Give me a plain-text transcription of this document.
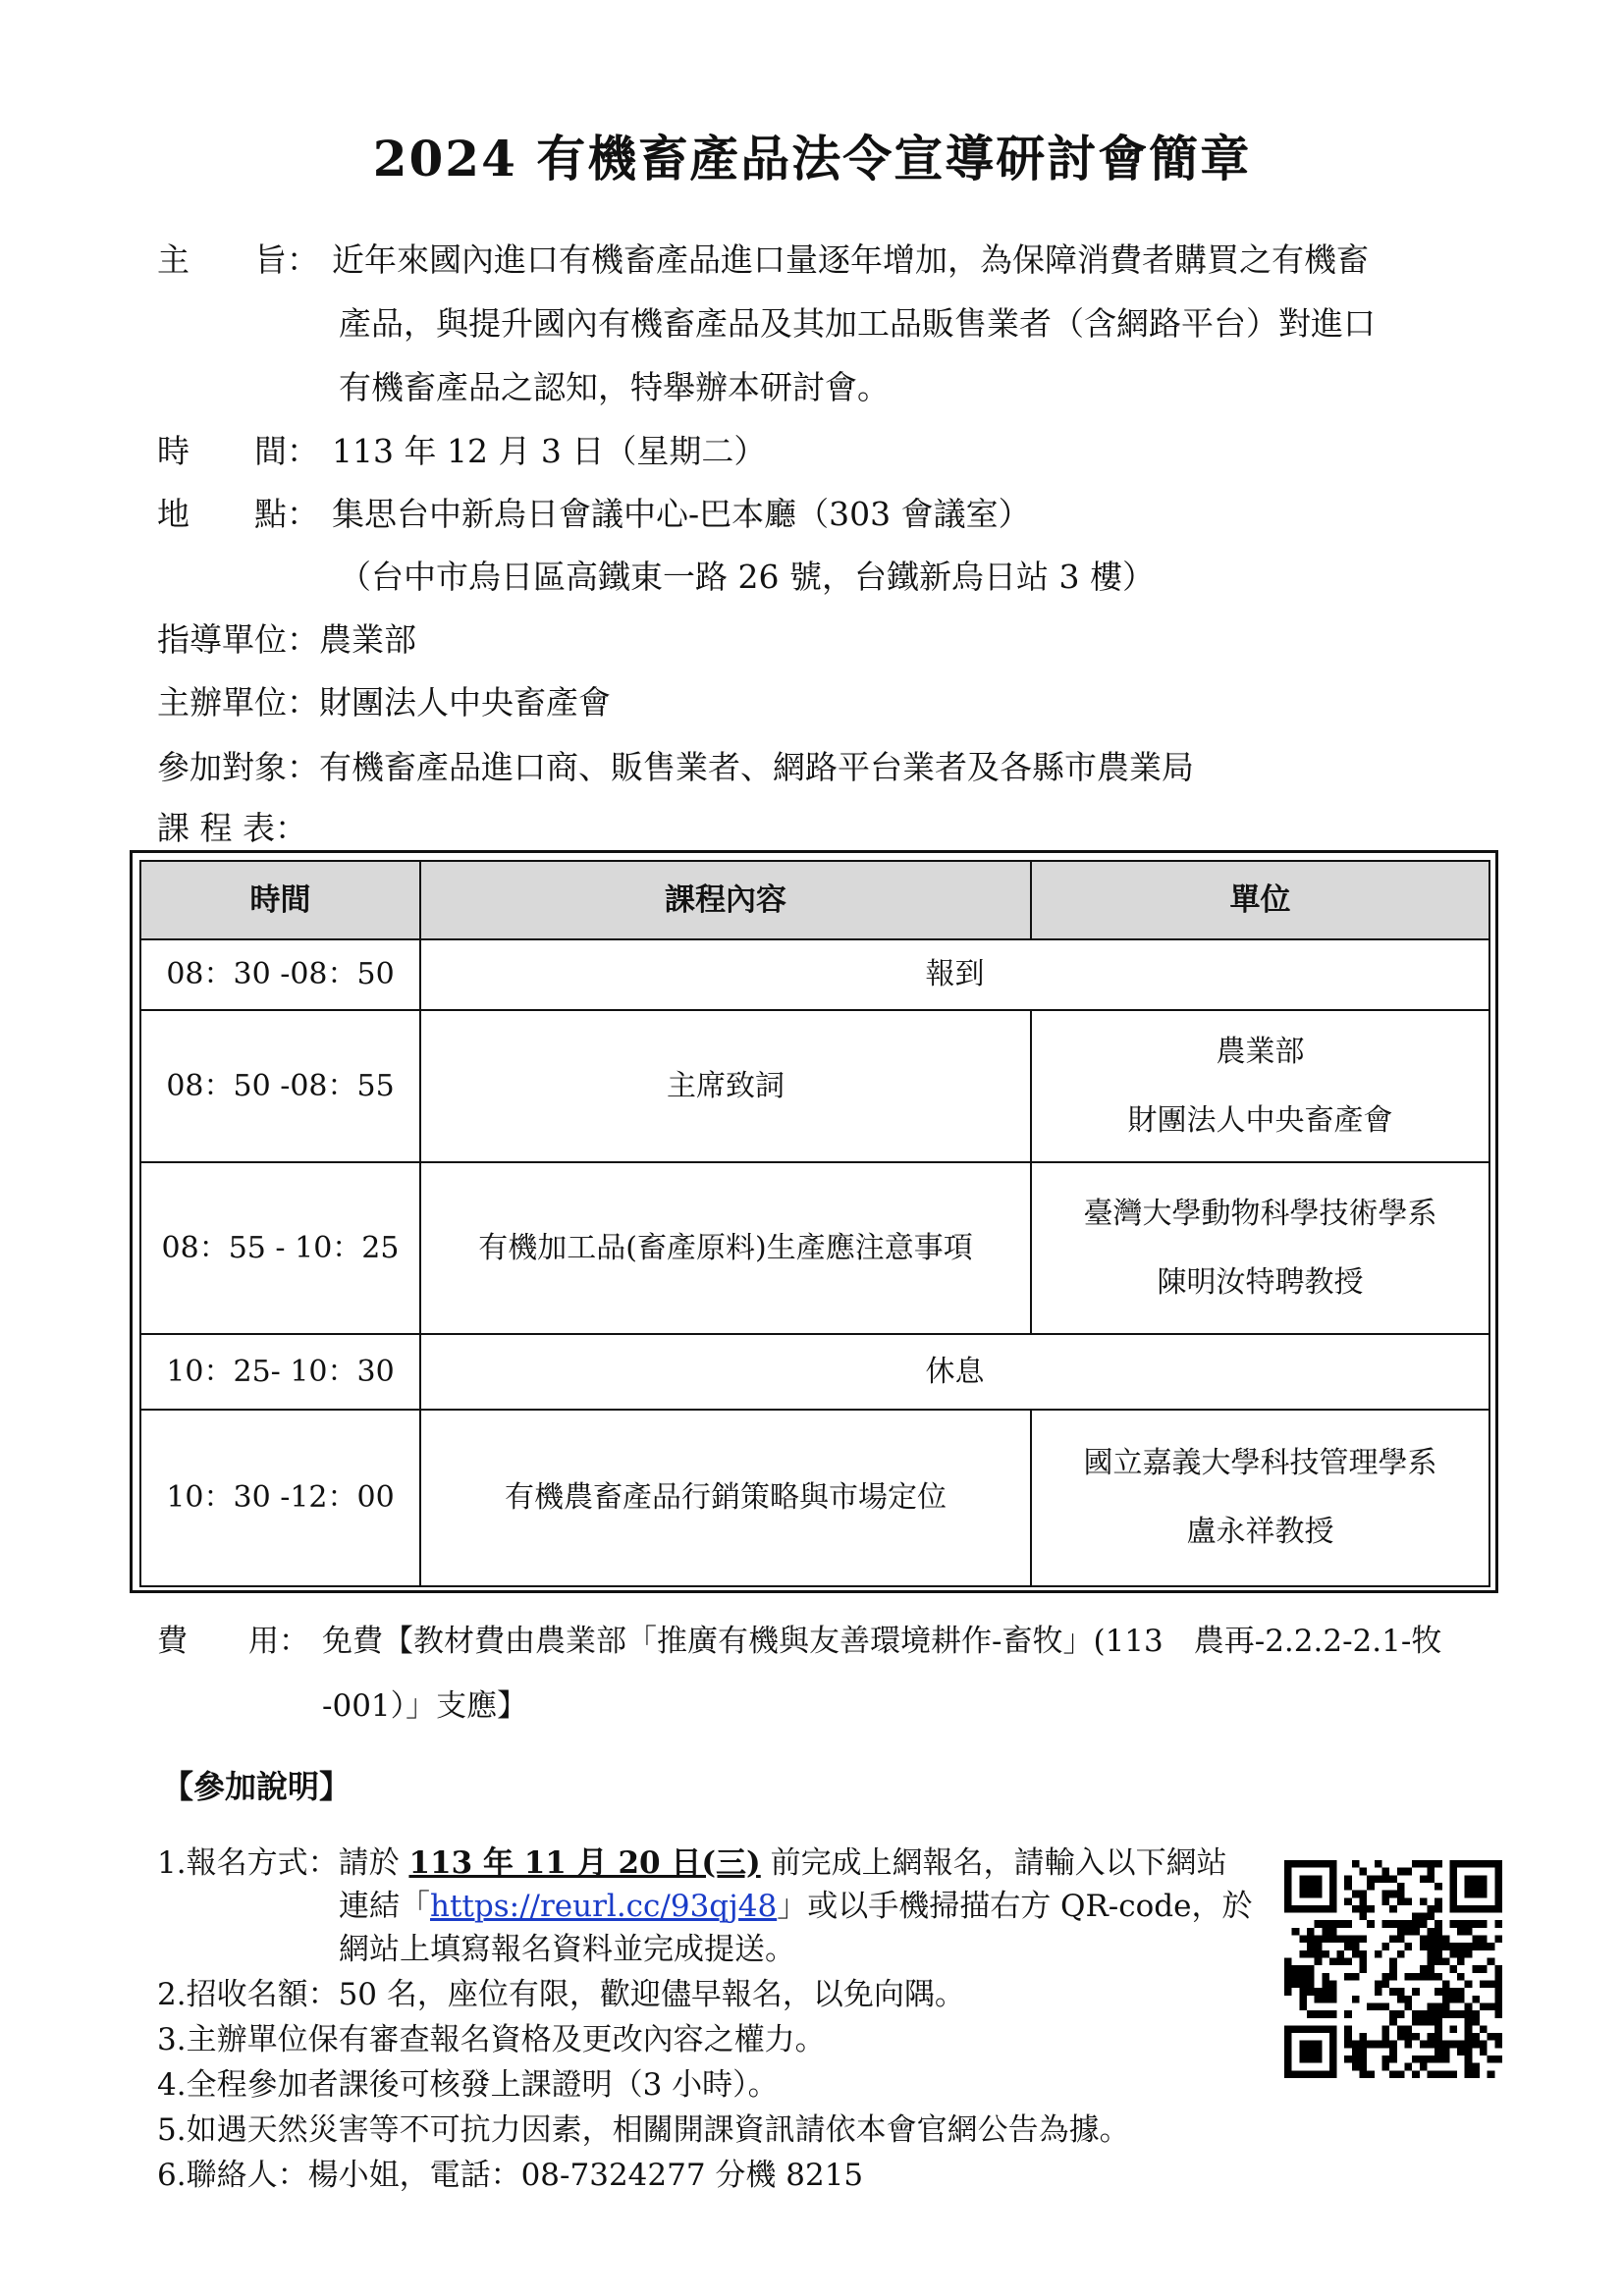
2024 有機畜產品法令宣導研討會簡章
主　　旨： 近年來國內進口有機畜產品進口量逐年增加，為保障消費者購買之有機畜
產品，與提升國內有機畜產品及其加工品販售業者（含網路平台）對進口
有機畜產品之認知，特舉辦本研討會。
時　　間： 113 年 12 月 3 日（星期二）
地　　點： 集思台中新烏日會議中心-巴本廳（303 會議室）
（台中市烏日區高鐵東一路 26 號，台鐵新烏日站 3 樓）
指導單位：農業部
主辦單位：財團法人中央畜產會
參加對象：有機畜產品進口商、販售業者、網路平台業者及各縣市農業局
課 程 表：
時間	課程內容	單位
08：30 -08：50	報到	
08：50 -08：55	主席致詞	農業部
財團法人中央畜產會

08：55 - 10：25	有機加工品(畜產原料)生產應注意事項	臺灣大學動物科學技術學系
陳明汝特聘教授

10：25- 10：30	休息	
10：30 -12：00	有機農畜產品行銷策略與市場定位	國立嘉義大學科技管理學系
盧永祥教授
費　　用： 免費【教材費由農業部「推廣有機與友善環境耕作-畜牧」(113　農再-2.2.2-2.1-牧
-001）」支應】
【參加說明】
1.報名方式：請於 113 年 11 月 20 日(三) 前完成上網報名，請輸入以下網站
連結「https://reurl.cc/93qj48」或以手機掃描右方 QR-code，於
網站上填寫報名資料並完成提送。
2.招收名額：50 名，座位有限，歡迎儘早報名，以免向隅。
3.主辦單位保有審查報名資格及更改內容之權力。
4.全程參加者課後可核發上課證明（3 小時）。
5.如遇天然災害等不可抗力因素，相關開課資訊請依本會官網公告為據。
6.聯絡人：楊小姐，電話：08-7324277 分機 8215
